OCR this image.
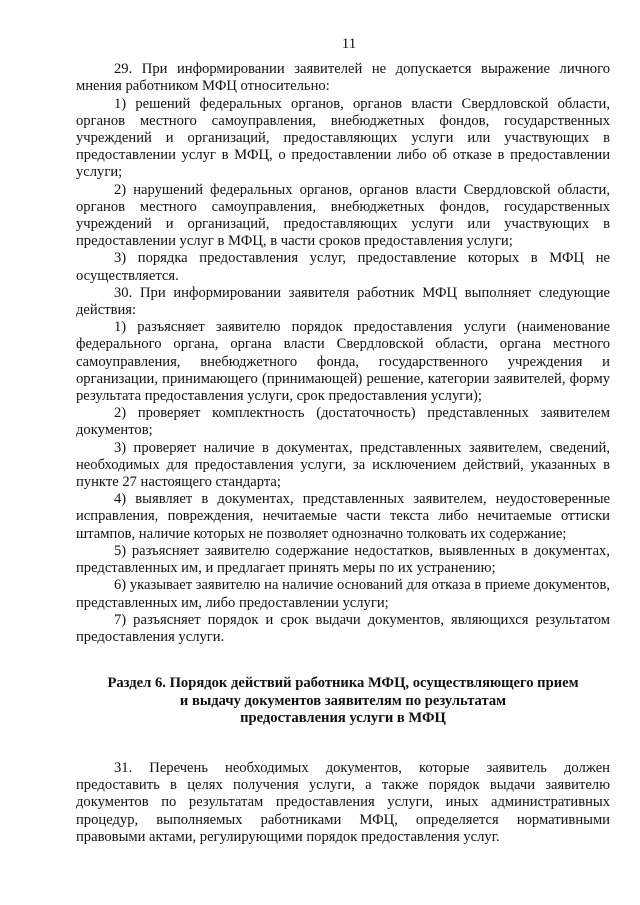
11

29. При информировании заявителей не допускается выражение личного мнения работником МФЦ относительно:

1) решений федеральных органов, органов власти Свердловской области, органов местного самоуправления, внебюджетных фондов, государственных учреждений и организаций, предоставляющих услуги или участвующих в предоставлении услуг в МФЦ, о предоставлении либо об отказе в предоставлении услуги;

2) нарушений федеральных органов, органов власти Свердловской области, органов местного самоуправления, внебюджетных фондов, государственных учреждений и организаций, предоставляющих услуги или участвующих в предоставлении услуг в МФЦ, в части сроков предоставления услуги;

3) порядка предоставления услуг, предоставление которых в МФЦ не осуществляется.

30. При информировании заявителя работник МФЦ выполняет следующие действия:

1) разъясняет заявителю порядок предоставления услуги (наименование федерального органа, органа власти Свердловской области, органа местного самоуправления, внебюджетного фонда, государственного учреждения и организации, принимающего (принимающей) решение, категории заявителей, форму результата предоставления услуги, срок предоставления услуги);

2) проверяет комплектность (достаточность) представленных заявителем документов;

3) проверяет наличие в документах, представленных заявителем, сведений, необходимых для предоставления услуги, за исключением действий, указанных в пункте 27 настоящего стандарта;

4) выявляет в документах, представленных заявителем, неудостоверенные исправления, повреждения, нечитаемые части текста либо нечитаемые оттиски штампов, наличие которых не позволяет однозначно толковать их содержание;

5) разъясняет заявителю содержание недостатков, выявленных в документах, представленных им, и предлагает принять меры по их устранению;

6) указывает заявителю на наличие оснований для отказа в приеме документов, представленных им, либо предоставлении услуги;

7) разъясняет порядок и срок выдачи документов, являющихся результатом предоставления услуги.

Раздел 6. Порядок действий работника МФЦ, осуществляющего прием
и выдачу документов заявителям по результатам
предоставления услуги в МФЦ

31. Перечень необходимых документов, которые заявитель должен предоставить в целях получения услуги, а также порядок выдачи заявителю документов по результатам предоставления услуги, иных административных процедур, выполняемых работниками МФЦ, определяется нормативными правовыми актами, регулирующими порядок предоставления услуг.
